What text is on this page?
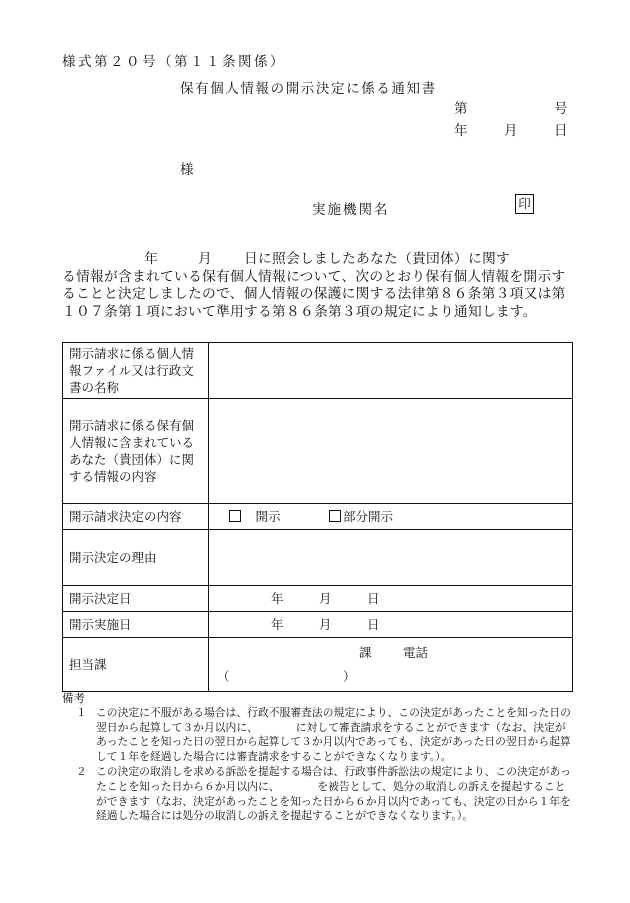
様式第２０号（第１１条関係）
保有個人情報の開示決定に係る通知書
第	号
年	月	日
様
実施機関名	印
年	月 日に照会しましたあなた（貴団体）に関す
る情報が含まれている保有個人情報について、次のとおり保有個人情報を開示することと決定しましたので、個人情報の保護に関する法律第８６条第３項又は第１０７条第１項において準用する第８６条第３項の規定により通知します。
開示請求に係る個人情報ファイル又は行政文書の名称	
開示請求に係る保有個人情報に含まれているあなた（貴団体）に関する情報の内容	
開示請求決定の内容	　開示 部分開示
開示決定の理由	
開示決定日	年 月 日
開示実施日	年 月 日
担当課	課 電話
（ ）
備考
１ この決定に不服がある場合は、行政不服審査法の規定により、この決定があったことを知った日の翌日から起算して３か月以内に、　　　　に対して審査請求をすることができます（なお、決定があったことを知った日の翌日から起算して３か月以内であっても、決定があった日の翌日から起算して１年を経過した場合には審査請求をすることができなくなります。）。
２ この決定の取消しを求める訴訟を提起する場合は、行政事件訴訟法の規定により、この決定があったことを知った日から６か月以内に、　　　　を被告として、処分の取消しの訴えを提起することができます（なお、決定があったことを知った日から６か月以内であっても、決定の日から１年を経過した場合には処分の取消しの訴えを提起することができなくなります。）。
